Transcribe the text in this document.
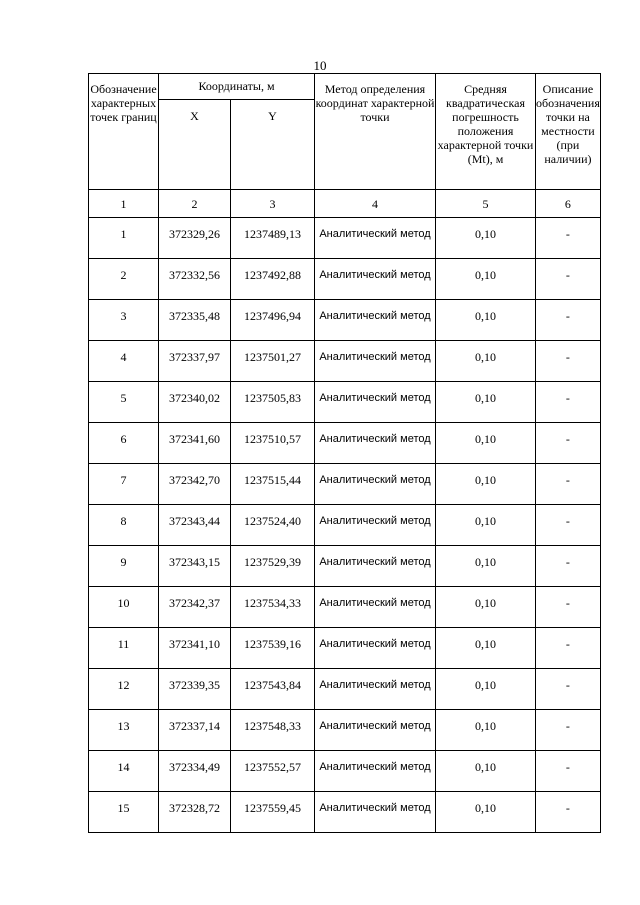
10
Обозначение характерных точек границ	Координаты, м		Метод определения координат характерной точки	Средняя квадратическая погрешность положения характерной точки (Mt), м	Описание обозначения точки на местности (при наличии)
	X	Y			
1	2	3	4	5	6
1	372329,26	1237489,13	Аналитический метод	0,10	-
2	372332,56	1237492,88	Аналитический метод	0,10	-
3	372335,48	1237496,94	Аналитический метод	0,10	-
4	372337,97	1237501,27	Аналитический метод	0,10	-
5	372340,02	1237505,83	Аналитический метод	0,10	-
6	372341,60	1237510,57	Аналитический метод	0,10	-
7	372342,70	1237515,44	Аналитический метод	0,10	-
8	372343,44	1237524,40	Аналитический метод	0,10	-
9	372343,15	1237529,39	Аналитический метод	0,10	-
10	372342,37	1237534,33	Аналитический метод	0,10	-
11	372341,10	1237539,16	Аналитический метод	0,10	-
12	372339,35	1237543,84	Аналитический метод	0,10	-
13	372337,14	1237548,33	Аналитический метод	0,10	-
14	372334,49	1237552,57	Аналитический метод	0,10	-
15	372328,72	1237559,45	Аналитический метод	0,10	-
